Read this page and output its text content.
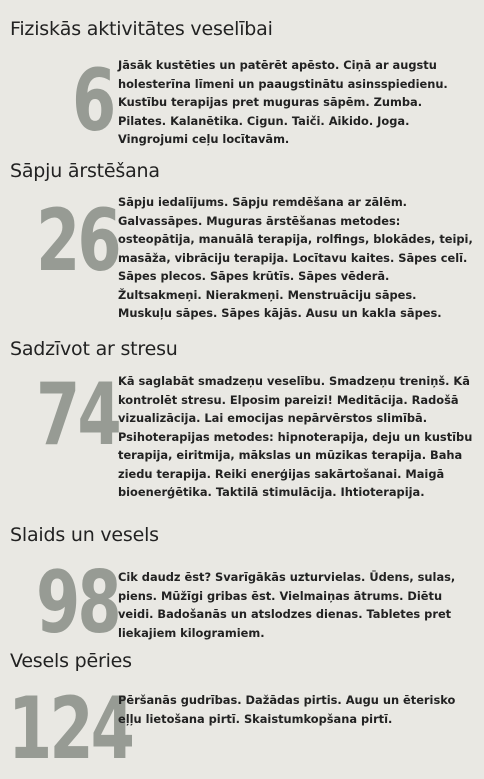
Fiziskās aktivitātes veselībai
6 Jāsāk kustēties un patērēt apēsto. Ciņā ar augstu holesterīna līmeni un paaugstinātu asinsspiedienu. Kustību terapijas pret muguras sāpēm. Zumba. Pilates. Kalanētika. Cigun. Taiči. Aikido. Joga. Vingrojumi ceļu locītavām.

Sāpju ārstēšana
26 Sāpju iedalījums. Sāpju remdēšana ar zālēm. Galvassāpes. Muguras ārstēšanas metodes: osteopātija, manuālā terapija, rolfings, blokādes, teipi, masāža, vibrāciju terapija. Locītavu kaites. Sāpes celī. Sāpes plecos. Sāpes krūtīs. Sāpes vēderā. Žultsakmeņi. Nierakmeņi. Menstruāciju sāpes. Muskuļu sāpes. Sāpes kājās. Ausu un kakla sāpes.

Sadzīvot ar stresu
74 Kā saglabāt smadzeņu veselību. Smadzeņu treniņš. Kā kontrolēt stresu. Elposim pareizi! Meditācija. Radošā vizualizācija. Lai emocijas nepārvērstos slimībā. Psihoterapijas metodes: hipnoterapija, deju un kustību terapija, eiritmija, mākslas un mūzikas terapija. Baha ziedu terapija. Reiki enerģijas sakārtošanai. Maigā bioenerģētika. Taktilā stimulācija. Ihtioterapija.

Slaids un vesels
98 Cik daudz ēst? Svarīgākās uzturvielas. Ūdens, sulas, piens. Mūžīgi gribas ēst. Vielmaiņas ātrums. Diētu veidi. Badošanās un atslodzes dienas. Tabletes pret liekajiem kilogramiem.

Vesels pēries
124

Pēršanās gudrības. Dažādas pirtis. Augu un ēterisko eļļu lietošana pirtī. Skaistumkopšana pirtī.
